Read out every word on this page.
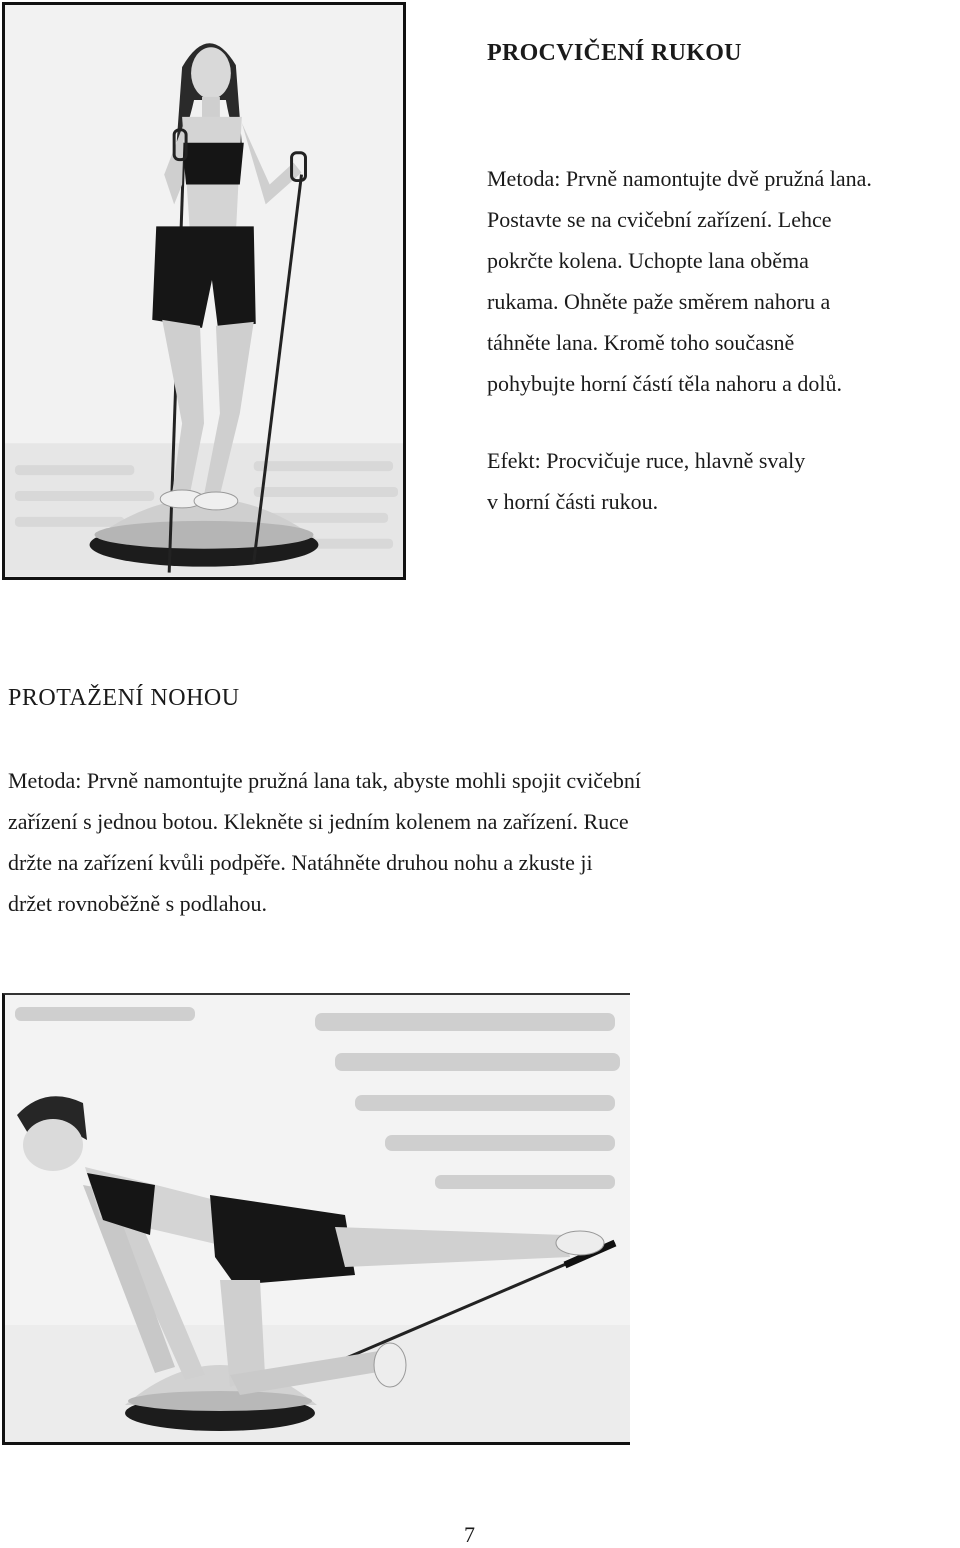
PROCVIČENÍ RUKOU

Metoda: Prvně namontujte dvě pružná lana.
Postavte se na cvičební zařízení. Lehce
pokrčte kolena. Uchopte lana oběma
rukama. Ohněte paže směrem nahoru a
táhněte lana. Kromě toho současně
pohybujte horní částí těla nahoru a dolů.

Efekt: Procvičuje ruce, hlavně svaly
v horní části rukou.

PROTAŽENÍ NOHOU

Metoda: Prvně namontujte pružná lana tak, abyste mohli spojit cvičební
zařízení s jednou botou. Klekněte si jedním kolenem na zařízení. Ruce
držte na zařízení kvůli podpěře. Natáhněte druhou nohu a zkuste ji
držet rovnoběžně s podlahou.

7
